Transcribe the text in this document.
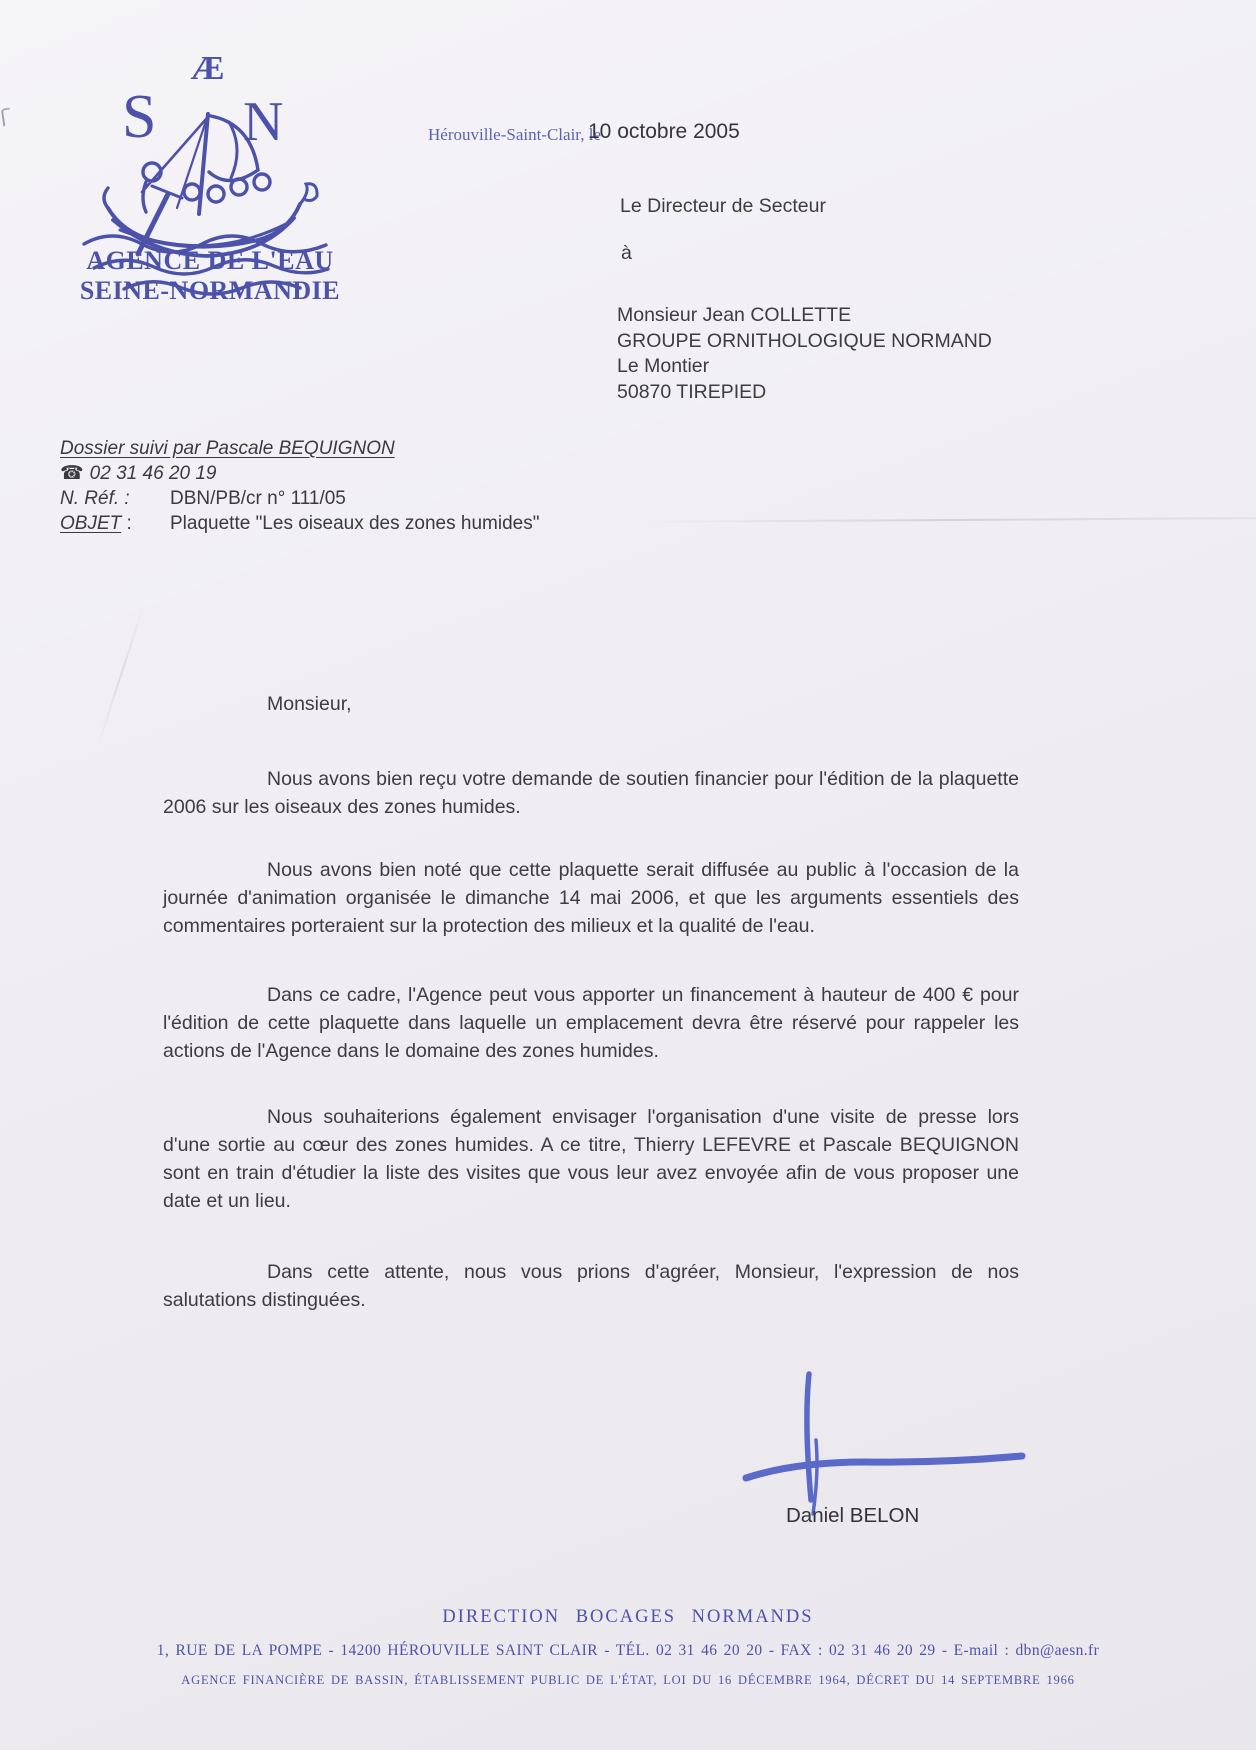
Æ
S N
AGENCE DE L'EAU
SEINE-NORMANDIE
Hérouville-Saint-Clair, le
10 octobre 2005
Le Directeur de Secteur
à
Monsieur Jean COLLETTE
GROUPE ORNITHOLOGIQUE NORMAND
Le Montier
50870 TIREPIED
Dossier suivi par Pascale BEQUIGNON
☎ 02 31 46 20 19
N. Réf. :	DBN/PB/cr n° 111/05
OBJET :	Plaquette "Les oiseaux des zones humides"
Monsieur,

Nous avons bien reçu votre demande de soutien financier pour l'édition de la plaquette 2006 sur les oiseaux des zones humides.

Nous avons bien noté que cette plaquette serait diffusée au public à l'occasion de la journée d'animation organisée le dimanche 14 mai 2006, et que les arguments essentiels des commentaires porteraient sur la protection des milieux et la qualité de l'eau.

Dans ce cadre, l'Agence peut vous apporter un financement à hauteur de 400 € pour l'édition de cette plaquette dans laquelle un emplacement devra être réservé pour rappeler les actions de l'Agence dans le domaine des zones humides.

Nous souhaiterions également envisager l'organisation d'une visite de presse lors d'une sortie au cœur des zones humides. A ce titre, Thierry LEFEVRE et Pascale BEQUIGNON sont en train d'étudier la liste des visites que vous leur avez envoyée afin de vous proposer une date et un lieu.

Dans cette attente, nous vous prions d'agréer, Monsieur, l'expression de nos salutations distinguées.

Daniel BELON
DIRECTION BOCAGES NORMANDS
1, RUE DE LA POMPE - 14200 HÉROUVILLE SAINT CLAIR - TÉL. 02 31 46 20 20 - FAX : 02 31 46 20 29 - E-mail : dbn@aesn.fr
AGENCE FINANCIÈRE DE BASSIN, ÉTABLISSEMENT PUBLIC DE L'ÉTAT, LOI DU 16 DÉCEMBRE 1964, DÉCRET DU 14 SEPTEMBRE 1966
